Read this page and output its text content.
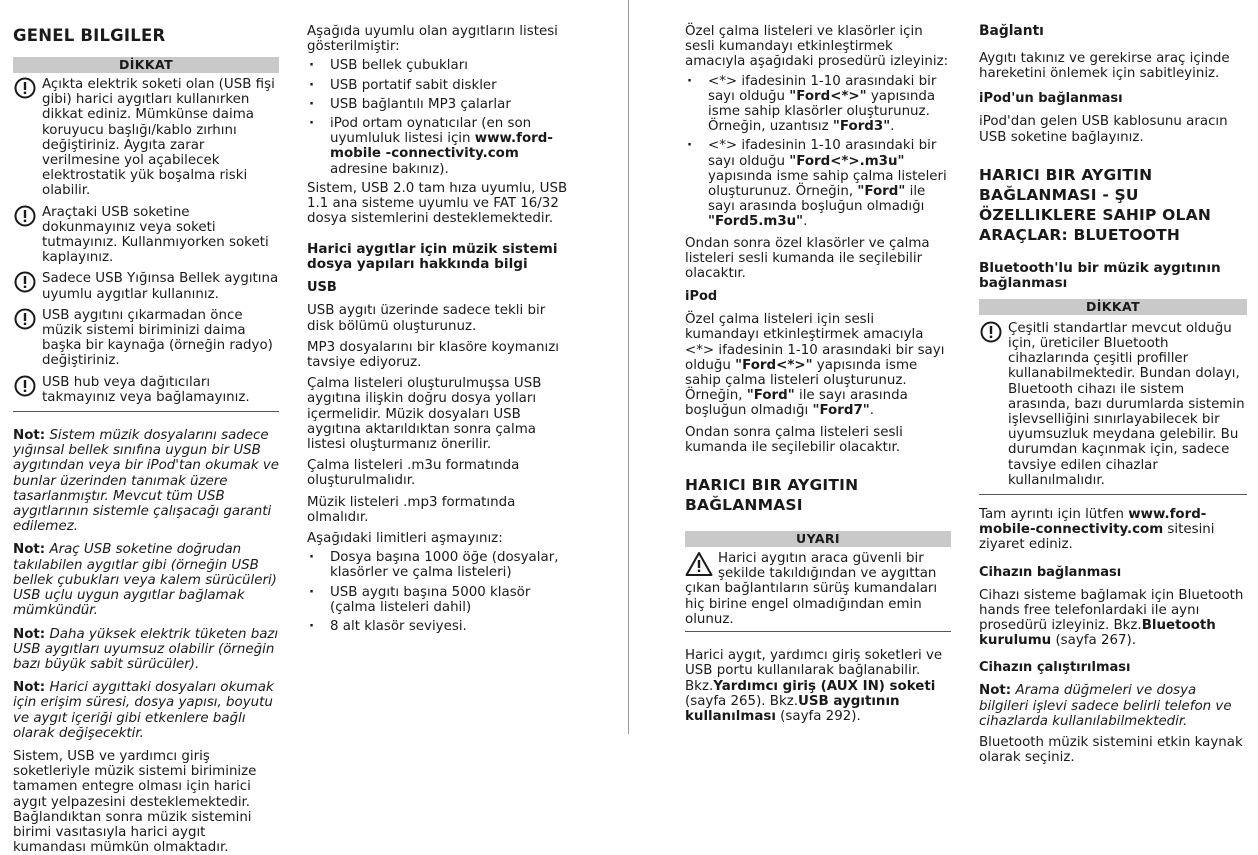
GENEL BILGILER
DİKKAT

Açıkta elektrik soketi olan (USB fişi gibi) harici aygıtları kullanırken dikkat ediniz. Mümkünse daima koruyucu başlığı/kablo zırhını değiştiriniz. Aygıta zarar verilmesine yol açabilecek elektrostatik yük boşalma riski olabilir.

Araçtaki USB soketine dokunmayınız veya soketi tutmayınız. Kullanmıyorken soketi kaplayınız.

Sadece USB Yığınsa Bellek aygıtına uyumlu aygıtlar kullanınız.

USB aygıtını çıkarmadan önce müzik sistemi biriminizi daima başka bir kaynağa (örneğin radyo) değiştiriniz.

USB hub veya dağıtıcıları takmayınız veya bağlamayınız.

Not: Sistem müzik dosyalarını sadece yığınsal bellek sınıfına uygun bir USB aygıtından veya bir iPod'tan okumak ve bunlar üzerinden tanımak üzere tasarlanmıştır. Mevcut tüm USB aygıtlarının sistemle çalışacağı garanti edilemez.

Not: Araç USB soketine doğrudan takılabilen aygıtlar gibi (örneğin USB bellek çubukları veya kalem sürücüleri) USB uçlu uygun aygıtlar bağlamak mümkündür.

Not: Daha yüksek elektrik tüketen bazı USB aygıtları uyumsuz olabilir (örneğin bazı büyük sabit sürücüler).

Not: Harici aygıttaki dosyaları okumak için erişim süresi, dosya yapısı, boyutu ve aygıt içeriği gibi etkenlere bağlı olarak değişecektir.

Sistem, USB ve yardımcı giriş soketleriyle müzik sistemi biriminize tamamen entegre olması için harici aygıt yelpazesini desteklemektedir. Bağlandıktan sonra müzik sistemini birimi vasıtasıyla harici aygıt kumandası mümkün olmaktadır.

Aşağıda uyumlu olan aygıtların listesi gösterilmiştir:

· USB bellek çubukları
· USB portatif sabit diskler
· USB bağlantılı MP3 çalarlar
· iPod ortam oynatıcılar (en son uyumluluk listesi için www.ford-mobile -connectivity.com adresine bakınız).

Sistem, USB 2.0 tam hıza uyumlu, USB 1.1 ana sisteme uyumlu ve FAT 16/32 dosya sistemlerini desteklemektedir.

Harici aygıtlar için müzik sistemi dosya yapıları hakkında bilgi
USB

USB aygıtı üzerinde sadece tekli bir disk bölümü oluşturunuz.

MP3 dosyalarını bir klasöre koymanızı tavsiye ediyoruz.

Çalma listeleri oluşturulmuşsa USB aygıtına ilişkin doğru dosya yolları içermelidir. Müzik dosyaları USB aygıtına aktarıldıktan sonra çalma listesi oluşturmanız önerilir.

Çalma listeleri .m3u formatında oluşturulmalıdır.

Müzik listeleri .mp3 formatında olmalıdır.

Aşağıdaki limitleri aşmayınız:

· Dosya başına 1000 öğe (dosyalar, klasörler ve çalma listeleri)
· USB aygıtı başına 5000 klasör (çalma listeleri dahil)
· 8 alt klasör seviyesi.

Özel çalma listeleri ve klasörler için sesli kumandayı etkinleştirmek amacıyla aşağıdaki prosedürü izleyiniz:

· <*> ifadesinin 1-10 arasındaki bir sayı olduğu "Ford<*>" yapısında isme sahip klasörler oluşturunuz. Örneğin, uzantısız "Ford3".
· <*> ifadesinin 1-10 arasındaki bir sayı olduğu "Ford<*>.m3u" yapısında isme sahip çalma listeleri oluşturunuz. Örneğin, "Ford" ile sayı arasında boşluğun olmadığı "Ford5.m3u".

Ondan sonra özel klasörler ve çalma listeleri sesli kumanda ile seçilebilir olacaktır.

iPod

Özel çalma listeleri için sesli kumandayı etkinleştirmek amacıyla <*> ifadesinin 1-10 arasındaki bir sayı olduğu "Ford<*>" yapısında isme sahip çalma listeleri oluşturunuz. Örneğin, "Ford" ile sayı arasında boşluğun olmadığı "Ford7".

Ondan sonra çalma listeleri sesli kumanda ile seçilebilir olacaktır.

HARICI BIR AYGITIN BAĞLANMASI
UYARI

Harici aygıtın araca güvenli bir şekilde takıldığından ve aygıttan çıkan bağlantıların sürüş kumandaları hiç birine engel olmadığından emin olunuz.

Harici aygıt, yardımcı giriş soketleri ve USB portu kullanılarak bağlanabilir. Bkz.Yardımcı giriş (AUX IN) soketi (sayfa 265). Bkz.USB aygıtının kullanılması (sayfa 292).

Bağlantı

Aygıtı takınız ve gerekirse araç içinde hareketini önlemek için sabitleyiniz.

iPod'un bağlanması

iPod'dan gelen USB kablosunu aracın USB soketine bağlayınız.

HARICI BIR AYGITIN BAĞLANMASI - ŞU ÖZELLIKLERE SAHIP OLAN ARAÇLAR: BLUETOOTH
Bluetooth'lu bir müzik aygıtının bağlanması
DİKKAT

Çeşitli standartlar mevcut olduğu için, üreticiler Bluetooth cihazlarında çeşitli profiller kullanabilmektedir. Bundan dolayı, Bluetooth cihazı ile sistem arasında, bazı durumlarda sistemin işlevselliğini sınırlayabilecek bir uyumsuzluk meydana gelebilir. Bu durumdan kaçınmak için, sadece tavsiye edilen cihazlar kullanılmalıdır.

Tam ayrıntı için lütfen www.ford-mobile-connectivity.com sitesini ziyaret ediniz.

Cihazın bağlanması

Cihazı sisteme bağlamak için Bluetooth hands free telefonlardaki ile aynı prosedürü izleyiniz. Bkz.Bluetooth kurulumu (sayfa 267).

Cihazın çalıştırılması

Not: Arama düğmeleri ve dosya bilgileri işlevi sadece belirli telefon ve cihazlarda kullanılabilmektedir.

Bluetooth müzik sistemini etkin kaynak olarak seçiniz.
